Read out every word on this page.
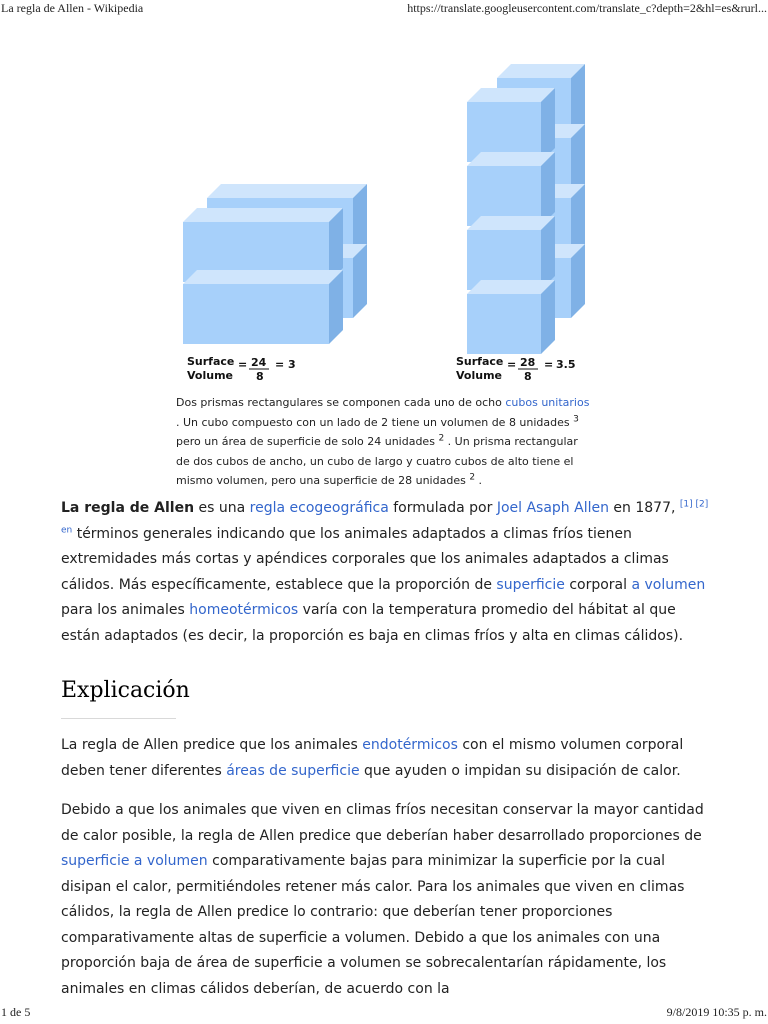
La regla de Allen - Wikipedia	https://translate.googleusercontent.com/translate_c?depth=2&hl=es&rurl...
Surface
Volume
= 24
8
= 3	Surface
Volume
= 28
8
= 3.5

Dos prismas rectangulares se componen cada uno de ocho cubos unitarios . Un cubo compuesto con un lado de 2 tiene un volumen de 8 unidades $^3$ pero un área de superficie de solo 24 unidades $^2$ . Un prisma rectangular de dos cubos de ancho, un cubo de largo y cuatro cubos de alto tiene el mismo volumen, pero una superficie de 28 unidades $^2$ .

La regla de Allen es una regla ecogeográfica formulada por Joel Asaph Allen en 1877, $^{[1] [2] en}$ términos generales indicando que los animales adaptados a climas fríos tienen extremidades más cortas y apéndices corporales que los animales adaptados a climas cálidos. Más específicamente, establece que la proporción de superficie corporal a volumen para los animales homeotérmicos varía con la temperatura promedio del hábitat al que están adaptados (es decir, la proporción es baja en climas fríos y alta en climas cálidos).

Explicación

La regla de Allen predice que los animales endotérmicos con el mismo volumen corporal deben tener diferentes áreas de superficie que ayuden o impidan su disipación de calor.

Debido a que los animales que viven en climas fríos necesitan conservar la mayor cantidad de calor posible, la regla de Allen predice que deberían haber desarrollado proporciones de superficie a volumen comparativamente bajas para minimizar la superficie por la cual disipan el calor, permitiéndoles retener más calor. Para los animales que viven en climas cálidos, la regla de Allen predice lo contrario: que deberían tener proporciones comparativamente altas de superficie a volumen. Debido a que los animales con una proporción baja de área de superficie a volumen se sobrecalentarían rápidamente, los animales en climas cálidos deberían, de acuerdo con la

1 de 5	9/8/2019 10:35 p. m.
